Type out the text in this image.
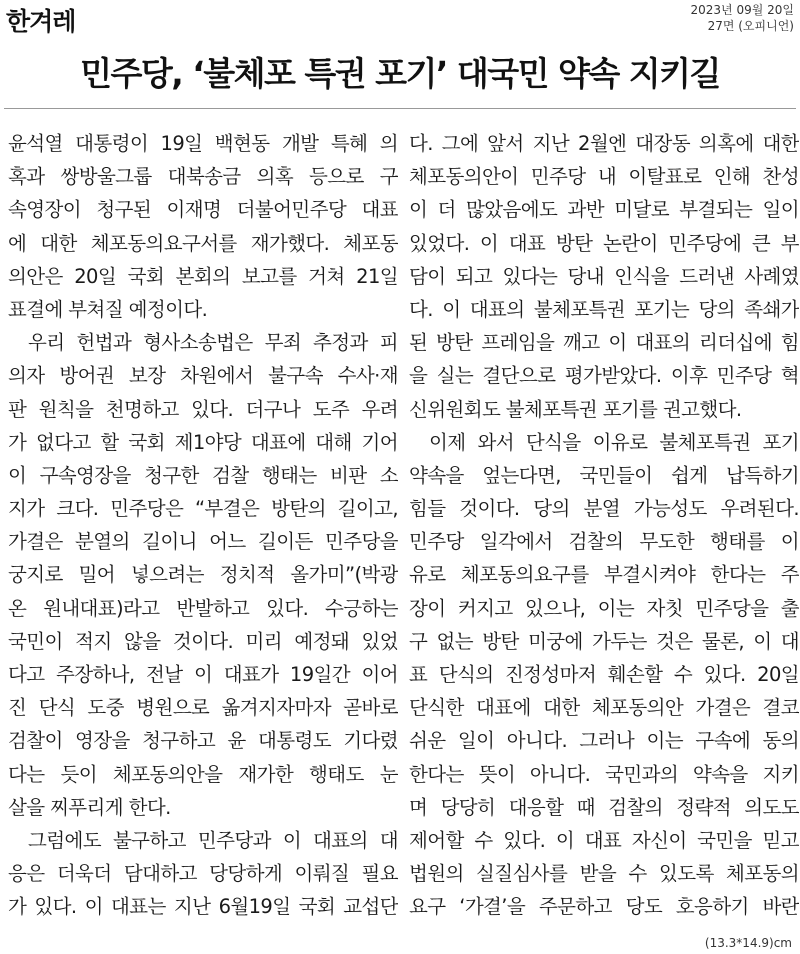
한겨레	2023년 09월 20일
27면 (오피니언)
민주당, ‘불체포 특권 포기’ 대국민 약속 지키길
윤석열 대통령이 19일 백현동 개발 특혜 의
혹과 쌍방울그룹 대북송금 의혹 등으로 구
속영장이 청구된 이재명 더불어민주당 대표
에 대한 체포동의요구서를 재가했다. 체포동
의안은 20일 국회 본회의 보고를 거쳐 21일
표결에 부쳐질 예정이다.
우리 헌법과 형사소송법은 무죄 추정과 피
의자 방어권 보장 차원에서 불구속 수사·재
판 원칙을 천명하고 있다. 더구나 도주 우려
가 없다고 할 국회 제1야당 대표에 대해 기어
이 구속영장을 청구한 검찰 행태는 비판 소
지가 크다. 민주당은 “부결은 방탄의 길이고,
가결은 분열의 길이니 어느 길이든 민주당을
궁지로 밀어 넣으려는 정치적 올가미”(박광
온 원내대표)라고 반발하고 있다. 수긍하는
국민이 적지 않을 것이다. 미리 예정돼 있었
다고 주장하나, 전날 이 대표가 19일간 이어
진 단식 도중 병원으로 옮겨지자마자 곧바로
검찰이 영장을 청구하고 윤 대통령도 기다렸
다는 듯이 체포동의안을 재가한 행태도 눈
살을 찌푸리게 한다.
그럼에도 불구하고 민주당과 이 대표의 대
응은 더욱더 담대하고 당당하게 이뤄질 필요
가 있다. 이 대표는 지난 6월19일 국회 교섭단
다. 그에 앞서 지난 2월엔 대장동 의혹에 대한
체포동의안이 민주당 내 이탈표로 인해 찬성
이 더 많았음에도 과반 미달로 부결되는 일이
있었다. 이 대표 방탄 논란이 민주당에 큰 부
담이 되고 있다는 당내 인식을 드러낸 사례였
다. 이 대표의 불체포특권 포기는 당의 족쇄가
된 방탄 프레임을 깨고 이 대표의 리더십에 힘
을 실는 결단으로 평가받았다. 이후 민주당 혁
신위원회도 불체포특권 포기를 권고했다.
이제 와서 단식을 이유로 불체포특권 포기
약속을 엎는다면, 국민들이 쉽게 납득하기
힘들 것이다. 당의 분열 가능성도 우려된다.
민주당 일각에서 검찰의 무도한 행태를 이
유로 체포동의요구를 부결시켜야 한다는 주
장이 커지고 있으나, 이는 자칫 민주당을 출
구 없는 방탄 미궁에 가두는 것은 물론, 이 대
표 단식의 진정성마저 훼손할 수 있다. 20일
단식한 대표에 대한 체포동의안 가결은 결코
쉬운 일이 아니다. 그러나 이는 구속에 동의
한다는 뜻이 아니다. 국민과의 약속을 지키
며 당당히 대응할 때 검찰의 정략적 의도도
제어할 수 있다. 이 대표 자신이 국민을 믿고
법원의 실질심사를 받을 수 있도록 체포동의
요구 ‘가결’을 주문하고 당도 호응하기 바란
(13.3*14.9)cm
